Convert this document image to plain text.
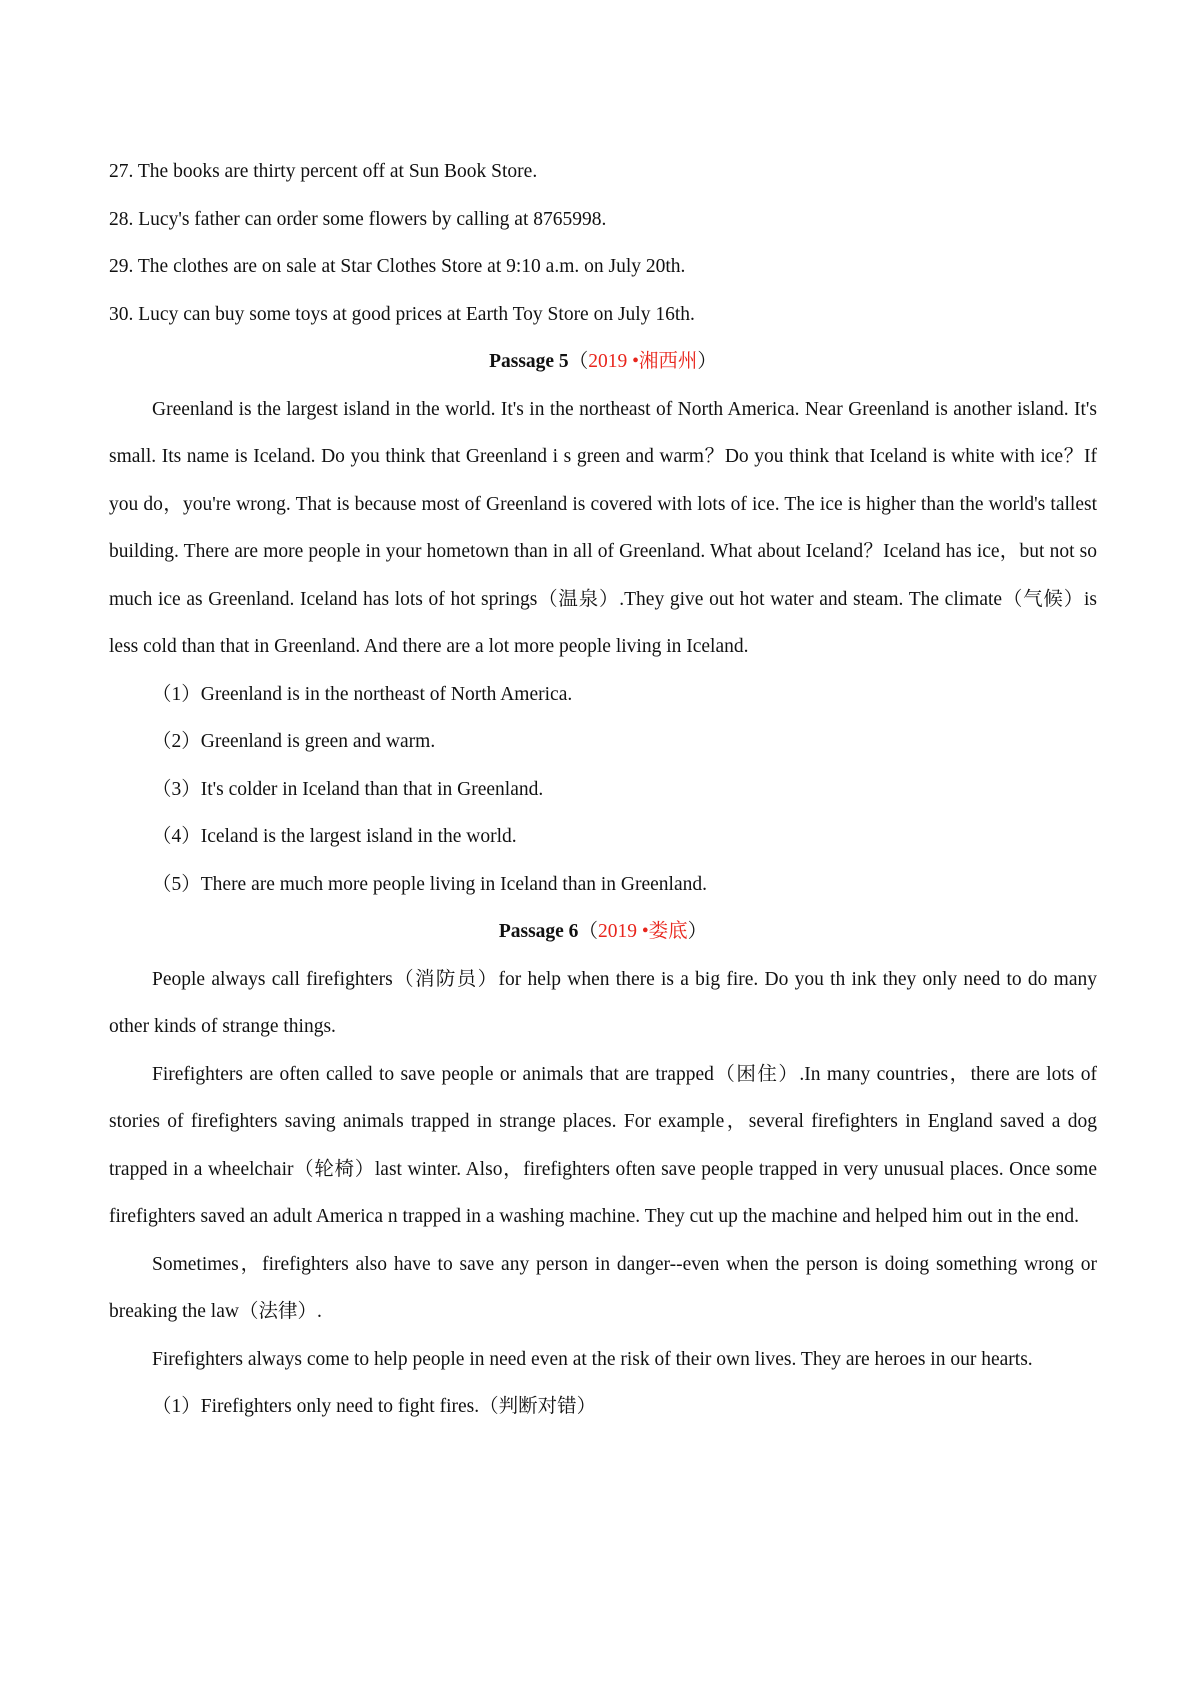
27. The books are thirty percent off at Sun Book Store.

28. Lucy's father can order some flowers by calling at 8765998.

29. The clothes are on sale at Star Clothes Store at 9:10 a.m. on July 20th.

30. Lucy can buy some toys at good prices at Earth Toy Store on July 16th.

Passage 5（2019 •湘西州）

Greenland is the largest island in the world. It's in the northeast of North America. Near Greenland is another island. It's small. Its name is Iceland. Do you think that Greenland i s green and warm？Do you think that Iceland is white with ice？If you do，you're wrong. That is because most of Greenland is covered with lots of ice. The ice is higher than the world's tallest building. There are more people in your hometown than in all of Greenland. What about Iceland？Iceland has ice，but not so much ice as Greenland. Iceland has lots of hot springs（温泉）.They give out hot water and steam. The climate（气候）is less cold than that in Greenland. And there are a lot more people living in Iceland.

（1）Greenland is in the northeast of North America.

（2）Greenland is green and warm.

（3）It's colder in Iceland than that in Greenland.

（4）Iceland is the largest island in the world.

（5）There are much more people living in Iceland than in Greenland.

Passage 6（2019 •娄底）

People always call firefighters（消防员）for help when there is a big fire. Do you th ink they only need to do many other kinds of strange things.

Firefighters are often called to save people or animals that are trapped（困住）.In many countries，there are lots of stories of firefighters saving animals trapped in strange places. For example，several firefighters in England saved a dog trapped in a wheelchair（轮椅）last winter. Also，firefighters often save people trapped in very unusual places. Once some firefighters saved an adult America n trapped in a washing machine. They cut up the machine and helped him out in the end.

Sometimes，firefighters also have to save any person in danger--even when the person is doing something wrong or breaking the law（法律）.

Firefighters always come to help people in need even at the risk of their own lives. They are heroes in our hearts.

（1）Firefighters only need to fight fires.（判断对错）
